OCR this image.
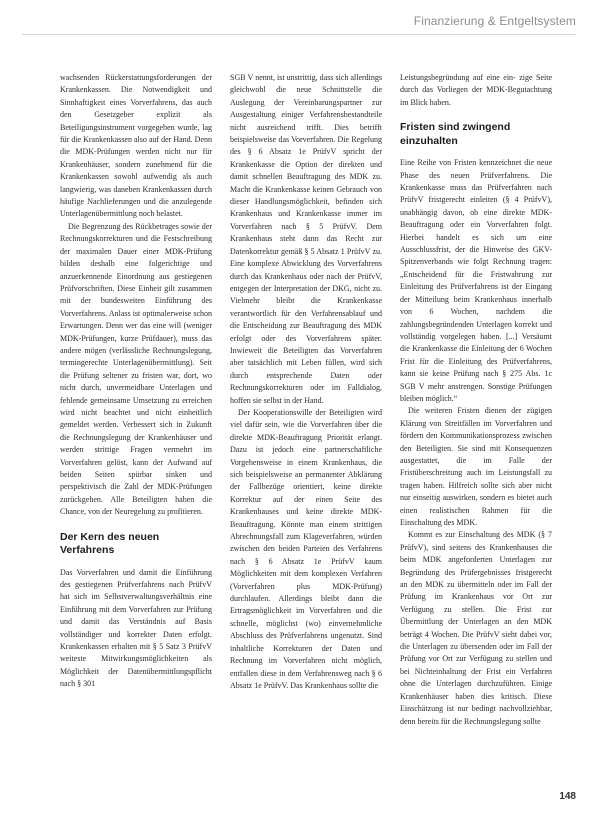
Finanzierung & Entgeltsystem

wachsenden Rückerstattungsforderungen der Krankenkassen. Die Notwendigkeit und Sinnhaftigkeit eines Vorverfahrens, das auch den Gesetzgeber explizit als Beteiligungsinstrument vorgegeben wurde, lag für die Krankenkassen also auf der Hand. Denn die MDK-Prüfungen werden nicht nur für Krankenhäuser, sondern zunehmend für die Krankenkassen sowohl aufwendig als auch langwierig, was daneben Krankenkassen durch häufige Nachlieferungen und die anzulegende Unterlagenübermittlung noch belastet.

Die Begrenzung des Rückbetrages sowie der Rechnungskorrekturen und die Festschreibung der maximalen Dauer einer MDK-Prüfung bilden deshalb eine folgerichtige und anzuerkennende Einordnung aus gestiegenen Prüfvorschriften. Diese Einheit gilt zusammen mit der bundesweiten Einführung des Vorverfahrens. Anlass ist optimalerweise schon Erwartungen. Denn wer das eine will (weniger MDK-Prüfungen, kurze Prüfdauer), muss das andere mögen (verlässliche Rechnungslegung, termingerechte Unterlagenübermittlung). Seit die Prüfung seltener zu fristen war, dort, wo nicht durch, unvermeidbare Unterlagen und fehlende gemeinsame Umsetzung zu erreichen wird nicht beachtet und nicht einheitlich gemeldet werden. Verbessert sich in Zukunft die Rechnungslegung der Krankenhäuser und werden strittige Fragen vermehrt im Vorverfahren gelöst, kann der Aufwand auf beiden Seiten spürbar sinken und perspektivisch die Zahl der MDK-Prüfungen zurückgehen. Alle Beteiligten haben die Chance, von der Neuregelung zu profitieren.

Der Kern des neuen Verfahrens

Das Vorverfahren und damit die Einführung des gestiegenen Prüfverfahrens nach PrüfvV hat sich im Selbstverwaltungsverhältnis eine Einführung mit dem Vorverfahren zur Prüfung und damit das Verständnis auf Basis vollständiger und korrekter Daten erfolgt. Krankenkassen erhalten mit § 5 Satz 3 PrüfvV weiteste Mitwirkungsmöglichkeiten als Möglichkeit der Datenübermittlungspflicht nach § 301

SGB V nennt, ist unstrittig, dass sich allerdings gleichwohl die neue Schnittstelle die Auslegung der Vereinbarungspartner zur Ausgestaltung einiger Verfahrensbestandteile nicht ausreichend trifft. Dies betrifft beispielsweise das Vorverfahren. Die Regelung des § 6 Absatz 1e PrüfvV spricht der Krankenkasse die Option der direkten und damit schnellen Beauftragung des MDK zu. Macht die Krankenkasse keinen Gebrauch von dieser Handlungsmöglichkeit, befinden sich Krankenhaus und Krankenkasse immer im Vorverfahren nach § 5 PrüfvV. Dem Krankenhaus steht dann das Recht zur Datenkorrektur gemäß § 5 Absatz 1 PrüfvV zu. Eine komplexe Abwicklung des Vorverfahrens durch das Krankenhaus oder nach der PrüfvV, entgegen der Interpretation der DKG, nicht zu. Vielmehr bleibt die Krankenkasse verantwortlich für den Verfahrensablauf und die Entscheidung zur Beauftragung des MDK erfolgt oder des Vorverfahrens später. Inwieweit die Beteiligten das Vorverfahren aber tatsächlich mit Leben füllen, wird sich durch entsprechende Daten oder Rechnungskorrekturen oder im Falldialog, hoffen sie selbst in der Hand.

Der Kooperationswille der Beteiligten wird viel dafür sein, wie die Vorverfahren über die direkte MDK-Beauftragung Priorität erlangt. Dazu ist jedoch eine partnerschaftliche Vorgehensweise in einem Krankenhaus, die sich beispielsweise an permanenter Abklärung der Fallbezüge orientiert, keine direkte Korrektur auf der einen Seite des Krankenhauses und keine direkte MDK-Beauftragung. Könnte man einem strittigen Abrechnungsfall zum Klageverfahren, würden zwischen den beiden Parteien des Verfahrens nach § 6 Absatz 1e PrüfvV kaum Möglichkeiten mit dem komplexen Verfahren (Vorverfahren plus MDK-Prüfung) durchlaufen. Allerdings bleibt dann die Ertragsmöglichkeit im Vorverfahren und die schnelle, möglichst (wo) einvernehmliche Abschluss des Prüfverfahrens ungenutzt. Sind inhaltliche Korrekturen der Daten und Rechnung im Vorverfahren nicht möglich, entfallen diese in dem Verfahrensweg nach § 6 Absatz 1e PrüfvV. Das Krankenhaus sollte die

Leistungsbegründung auf eine ein- zige Seite durch das Vorliegen der MDK-Begutachtung im Blick haben.

Fristen sind zwingend einzuhalten

Eine Reihe von Fristen kennzeichnet die neue Phase des neuen Prüfverfahrens. Die Krankenkasse muss das Prüfverfahren nach PrüfvV fristgerecht einleiten (§ 4 PrüfvV), unabhängig davon, ob eine direkte MDK-Beauftragung oder ein Vorverfahren folgt. Hierbei handelt es sich um eine Ausschlussfrist, der die Hinweise des GKV-Spitzenverbands wie folgt Rechnung tragen: „Entscheidend für die Fristwahrung zur Einleitung des Prüfverfahrens ist der Eingang der Mitteilung beim Krankenhaus innerhalb von 6 Wochen, nachdem die zahlungsbegründenden Unterlagen korrekt und vollständig vorgelegen haben. [...] Versäumt die Krankenkasse die Einleitung der 6 Wochen Frist für die Einleitung des Prüfverfahrens, kann sie keine Prüfung nach § 275 Abs. 1c SGB V mehr anstrengen. Sonstige Prüfungen bleiben möglich.“

Die weiteren Fristen dienen der zügigen Klärung von Streitfällen im Vorverfahren und fördern den Kommunikationsprozess zwischen den Beteiligten. Sie sind mit Konsequenzen ausgestattet, die im Falle der Fristüberschreitung auch im Leistungsfall zu tragen haben. Hilfreich sollte sich aber nicht nur einseitig auswirken, sondern es bietet auch einen realistischen Rahmen für die Einschaltung des MDK.

Kommt es zur Einschaltung des MDK (§ 7 PrüfvV), sind seitens des Krankenhauses die beim MDK angeforderten Unterlagen zur Begründung des Prüfergebnisses fristgerecht an den MDK zu übermitteln oder im Fall der Prüfung im Krankenhaus vor Ort zur Verfügung zu stellen. Die Frist zur Übermittlung der Unterlagen an den MDK beträgt 4 Wochen. Die PrüfvV sieht dabei vor, die Unterlagen zu übersenden oder im Fall der Prüfung vor Ort zur Verfügung zu stellen und bei Nichteinhaltung der Frist ein Verfahren ohne die Unterlagen durchzuführen. Einige Krankenhäuser haben dies kritisch. Diese Einschätzung ist nur bedingt nachvollziehbar, denn bereits für die Rechnungslegung sollte

148
